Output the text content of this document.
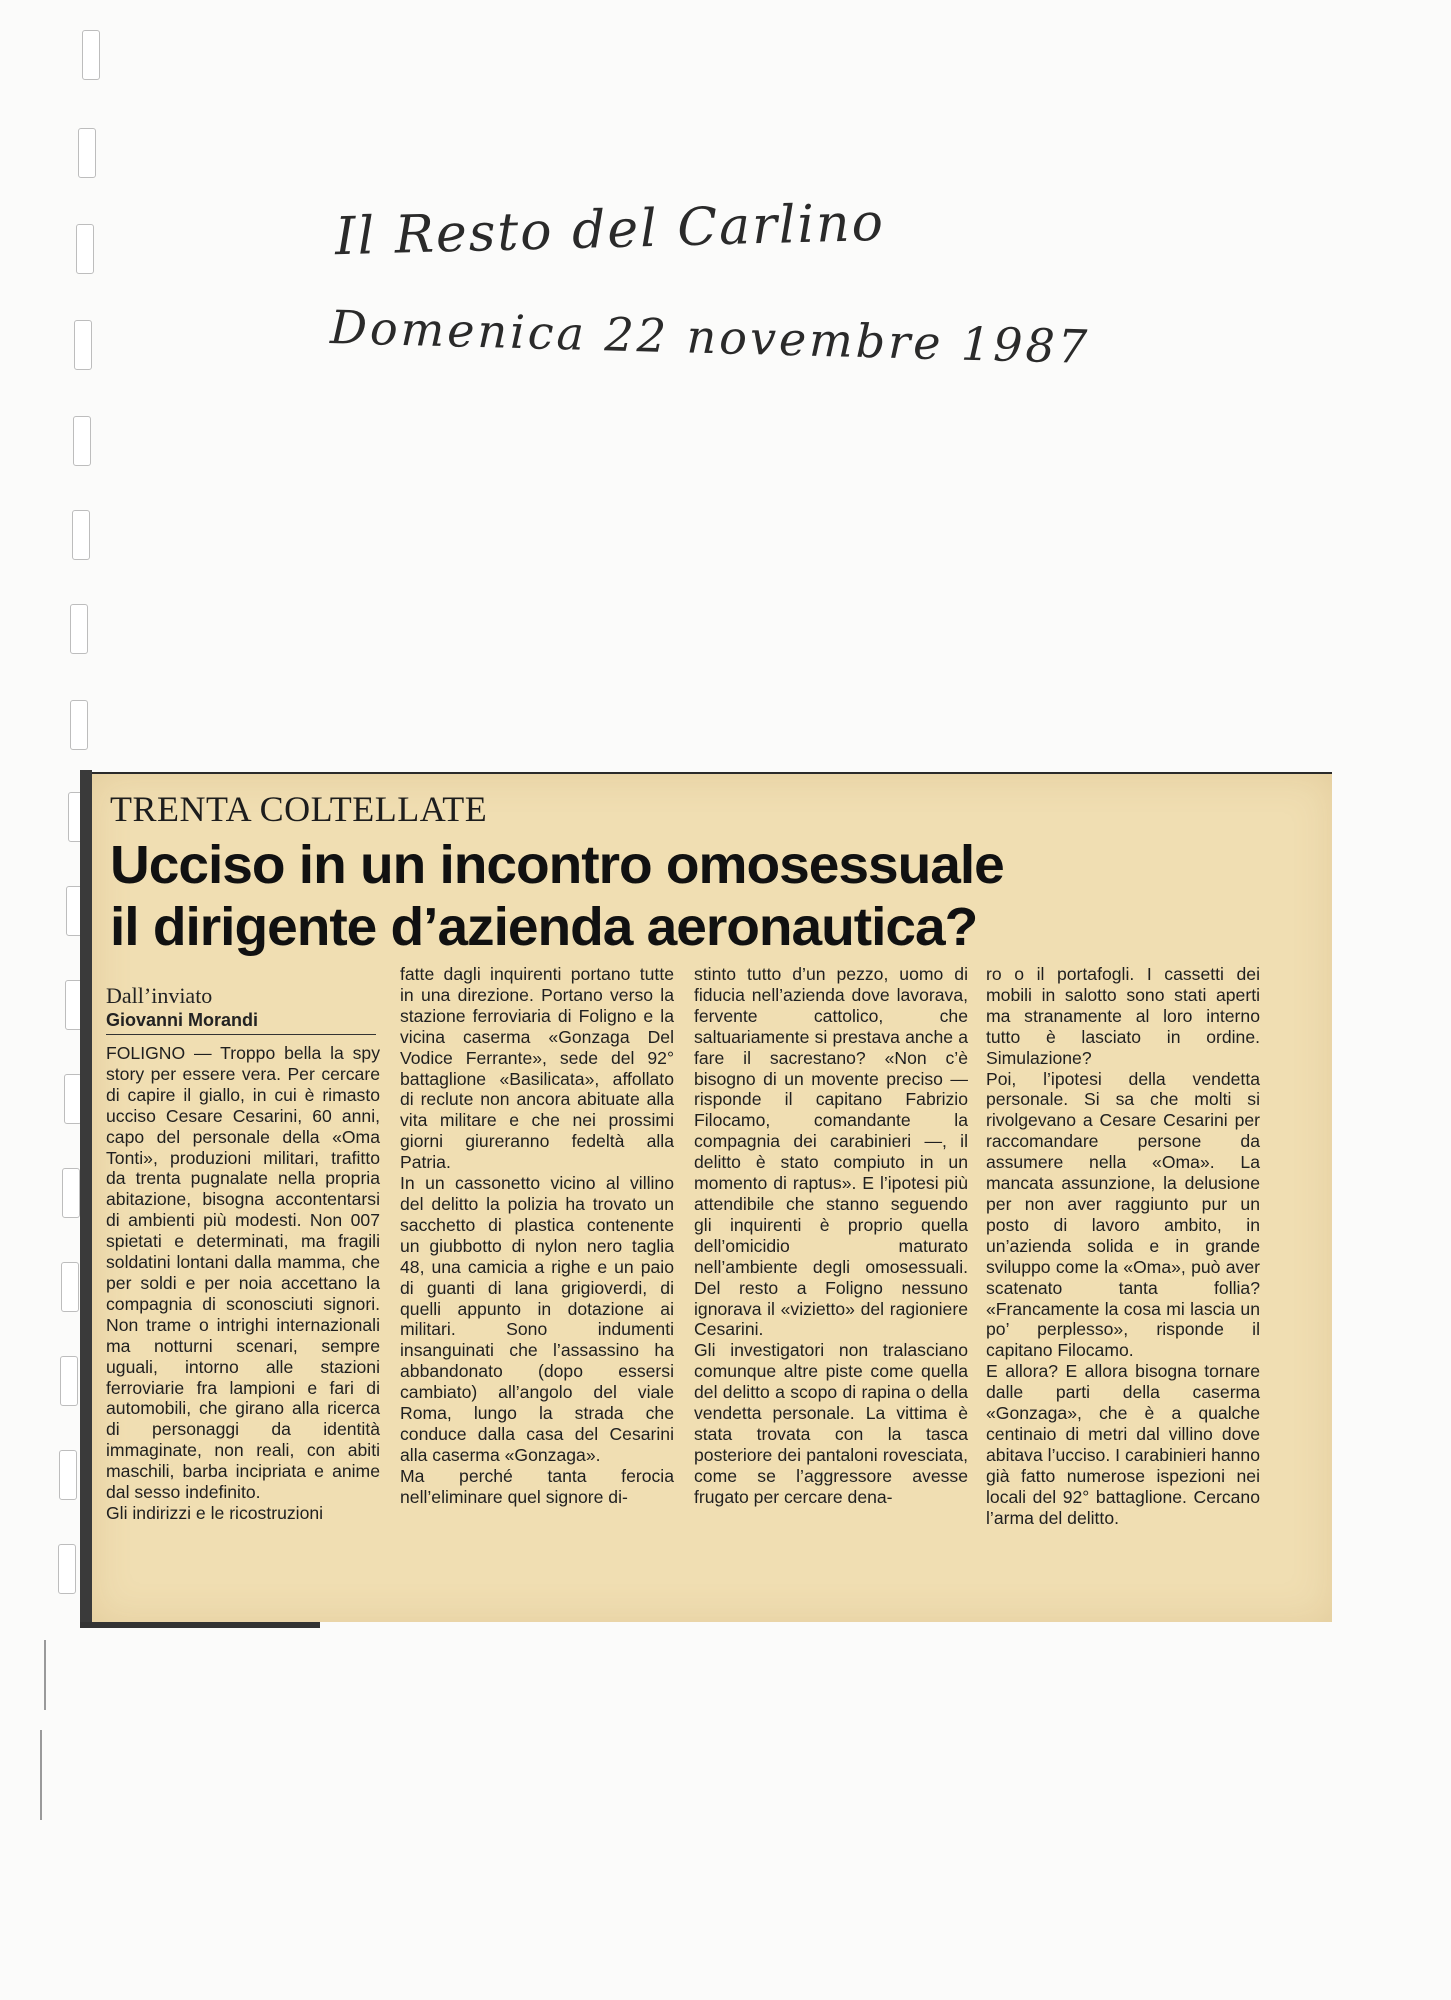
Il Resto del Carlino
Domenica 22 novembre 1987
TRENTA COLTELLATE
Ucciso in un incontro omosessuale
il dirigente d’azienda aeronautica?
Dall’inviato
Giovanni Morandi
FOLIGNO — Troppo bella la spy story per essere vera. Per cercare di capire il giallo, in cui è rimasto ucciso Cesare Cesarini, 60 anni, capo del personale della «Oma Tonti», produzioni militari, trafitto da trenta pugnalate nella propria abitazione, bisogna accontentarsi di ambienti più modesti. Non 007 spietati e determinati, ma fragili soldatini lontani dalla mamma, che per soldi e per noia accettano la compagnia di sconosciuti signori. Non trame o intrighi internazionali ma notturni scenari, sempre uguali, intorno alle stazioni ferroviarie fra lampioni e fari di automobili, che girano alla ricerca di personaggi da identità immaginate, non reali, con abiti maschili, barba incipriata e anime dal sesso indefinito.
Gli indirizzi e le ricostruzioni
fatte dagli inquirenti portano tutte in una direzione. Portano verso la stazione ferroviaria di Foligno e la vicina caserma «Gonzaga Del Vodice Ferrante», sede del 92° battaglione «Basilicata», affollato di reclute non ancora abituate alla vita militare e che nei prossimi giorni giureranno fedeltà alla Patria.
In un cassonetto vicino al villino del delitto la polizia ha trovato un sacchetto di plastica contenente un giubbotto di nylon nero taglia 48, una camicia a righe e un paio di guanti di lana grigioverdi, di quelli appunto in dotazione ai militari. Sono indumenti insanguinati che l’assassino ha abbandonato (dopo essersi cambiato) all’angolo del viale Roma, lungo la strada che conduce dalla casa del Cesarini alla caserma «Gonzaga».
Ma perché tanta ferocia nell’eliminare quel signore di-
stinto tutto d’un pezzo, uomo di fiducia nell’azienda dove lavorava, fervente cattolico, che saltuariamente si prestava anche a fare il sacrestano? «Non c’è bisogno di un movente preciso — risponde il capitano Fabrizio Filocamo, comandante la compagnia dei carabinieri —, il delitto è stato compiuto in un momento di raptus». E l’ipotesi più attendibile che stanno seguendo gli inquirenti è proprio quella dell’omicidio maturato nell’ambiente degli omosessuali. Del resto a Foligno nessuno ignorava il «vizietto» del ragioniere Cesarini.
Gli investigatori non tralasciano comunque altre piste come quella del delitto a scopo di rapina o della vendetta personale. La vittima è stata trovata con la tasca posteriore dei pantaloni rovesciata, come se l’aggressore avesse frugato per cercare dena-
ro o il portafogli. I cassetti dei mobili in salotto sono stati aperti ma stranamente al loro interno tutto è lasciato in ordine. Simulazione?
Poi, l’ipotesi della vendetta personale. Si sa che molti si rivolgevano a Cesare Cesarini per raccomandare persone da assumere nella «Oma». La mancata assunzione, la delusione per non aver raggiunto pur un posto di lavoro ambito, in un’azienda solida e in grande sviluppo come la «Oma», può aver scatenato tanta follia? «Francamente la cosa mi lascia un po’ perplesso», risponde il capitano Filocamo.
E allora? E allora bisogna tornare dalle parti della caserma «Gonzaga», che è a qualche centinaio di metri dal villino dove abitava l’ucciso. I carabinieri hanno già fatto numerose ispezioni nei locali del 92° battaglione. Cercano l’arma del delitto.
